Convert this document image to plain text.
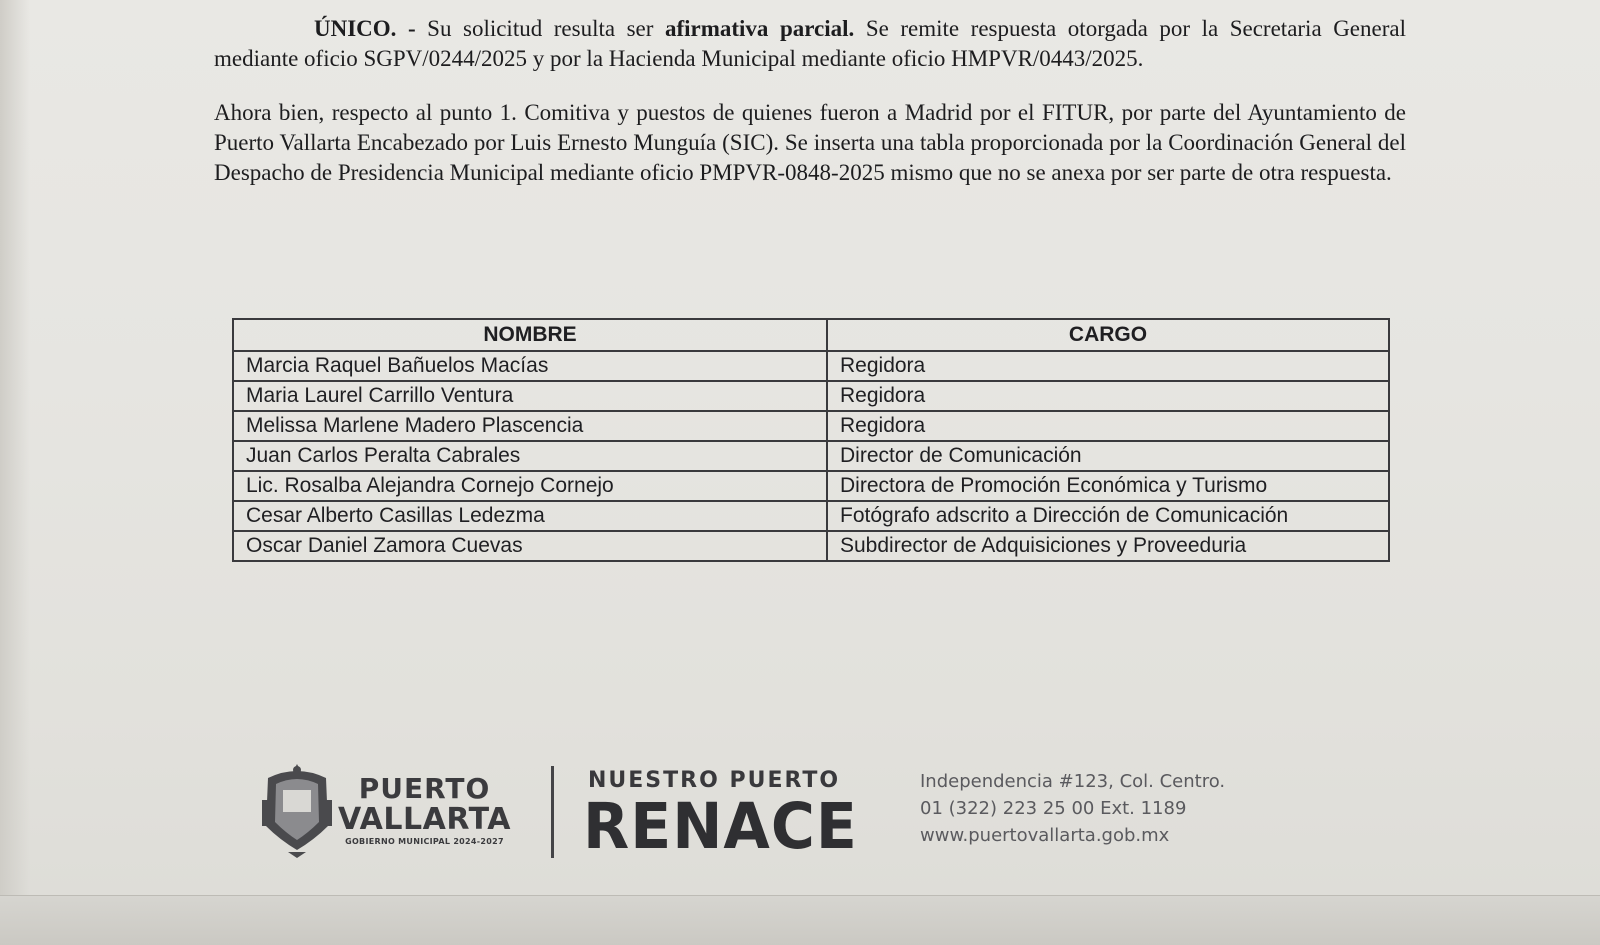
ÚNICO. - Su solicitud resulta ser afirmativa parcial. Se remite respuesta otorgada por la Secretaria General mediante oficio SGPV/0244/2025 y por la Hacienda Municipal mediante oficio HMPVR/0443/2025.

Ahora bien, respecto al punto 1. Comitiva y puestos de quienes fueron a Madrid por el FITUR, por parte del Ayuntamiento de Puerto Vallarta Encabezado por Luis Ernesto Munguía (SIC). Se inserta una tabla proporcionada por la Coordinación General del Despacho de Presidencia Municipal mediante oficio PMPVR-0848-2025 mismo que no se anexa por ser parte de otra respuesta.

NOMBRE	CARGO
Marcia Raquel Bañuelos Macías	Regidora
Maria Laurel Carrillo Ventura	Regidora
Melissa Marlene Madero Plascencia	Regidora
Juan Carlos Peralta Cabrales	Director de Comunicación
Lic. Rosalba Alejandra Cornejo Cornejo	Directora de Promoción Económica y Turismo
Cesar Alberto Casillas Ledezma	Fotógrafo adscrito a Dirección de Comunicación
Oscar Daniel Zamora Cuevas	Subdirector de Adquisiciones y Proveeduria
PUERTO
VALLARTA
GOBIERNO MUNICIPAL 2024-2027
NUESTRO PUERTO
RENACE
Independencia #123, Col. Centro.
01 (322) 223 25 00 Ext. 1189
www.puertovallarta.gob.mx
